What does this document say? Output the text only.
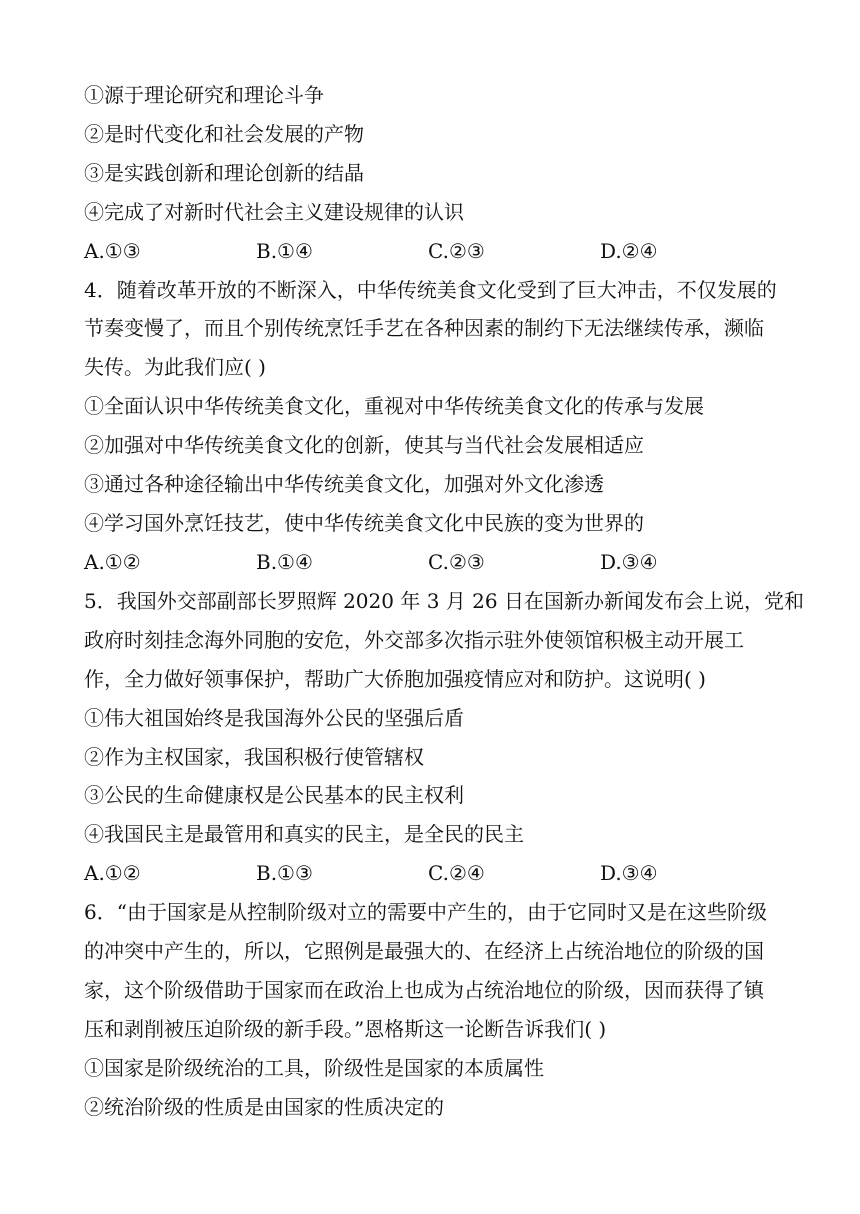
①源于理论研究和理论斗争
②是时代变化和社会发展的产物
③是实践创新和理论创新的结晶
④完成了对新时代社会主义建设规律的认识
A.①③	B.①④	C.②③	D.②④
4．随着改革开放的不断深入，中华传统美食文化受到了巨大冲击，不仅发展的
节奏变慢了，而且个别传统烹饪手艺在各种因素的制约下无法继续传承，濒临
失传。为此我们应( )
①全面认识中华传统美食文化，重视对中华传统美食文化的传承与发展
②加强对中华传统美食文化的创新，使其与当代社会发展相适应
③通过各种途径输出中华传统美食文化，加强对外文化渗透
④学习国外烹饪技艺，使中华传统美食文化中民族的变为世界的
A.①②	B.①④	C.②③	D.③④
5．我国外交部副部长罗照辉 2020 年 3 月 26 日在国新办新闻发布会上说，党和
政府时刻挂念海外同胞的安危，外交部多次指示驻外使领馆积极主动开展工
作，全力做好领事保护，帮助广大侨胞加强疫情应对和防护。这说明( )
①伟大祖国始终是我国海外公民的坚强后盾
②作为主权国家，我国积极行使管辖权
③公民的生命健康权是公民基本的民主权利
④我国民主是最管用和真实的民主，是全民的民主
A.①②	B.①③	C.②④	D.③④
6．“由于国家是从控制阶级对立的需要中产生的，由于它同时又是在这些阶级
的冲突中产生的，所以，它照例是最强大的、在经济上占统治地位的阶级的国
家，这个阶级借助于国家而在政治上也成为占统治地位的阶级，因而获得了镇
压和剥削被压迫阶级的新手段。”恩格斯这一论断告诉我们( )
①国家是阶级统治的工具，阶级性是国家的本质属性
②统治阶级的性质是由国家的性质决定的
